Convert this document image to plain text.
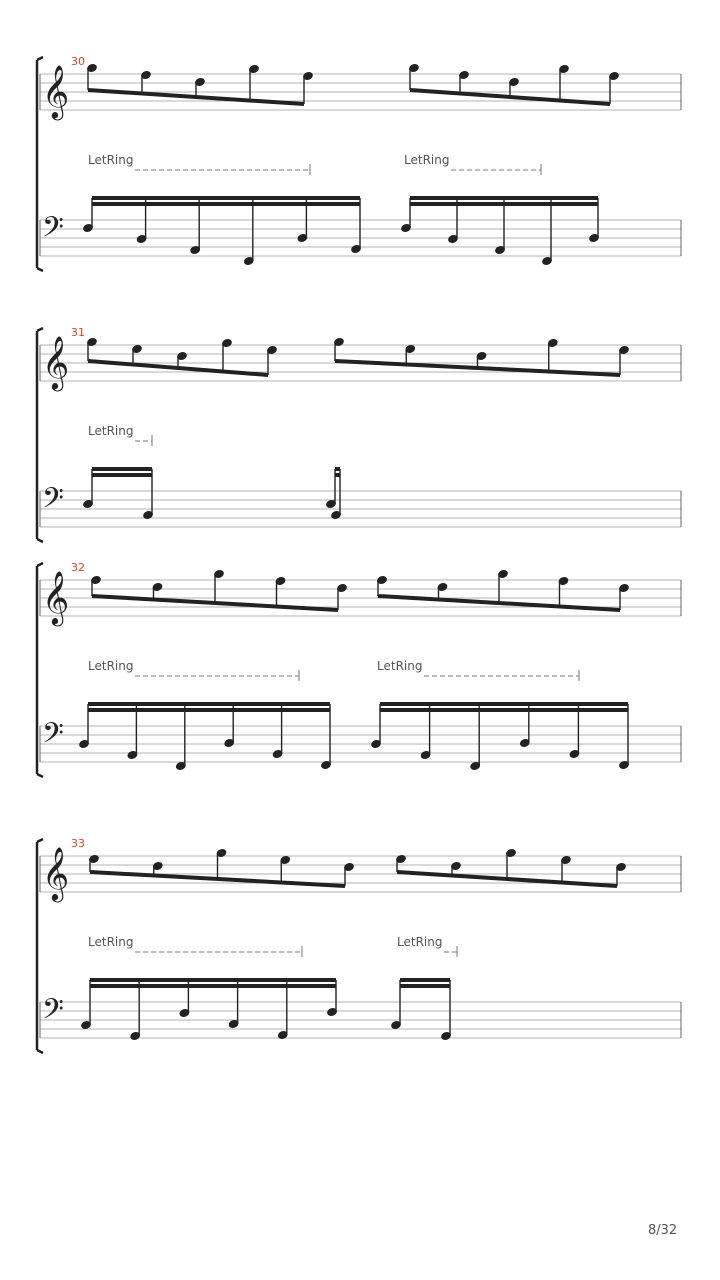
𝄞
𝄢
30
LetRing	LetRing
𝄞
𝄢
31
LetRing
𝄞
𝄢
32
LetRing	LetRing
𝄞
𝄢
33
LetRing	LetRing
8/32
